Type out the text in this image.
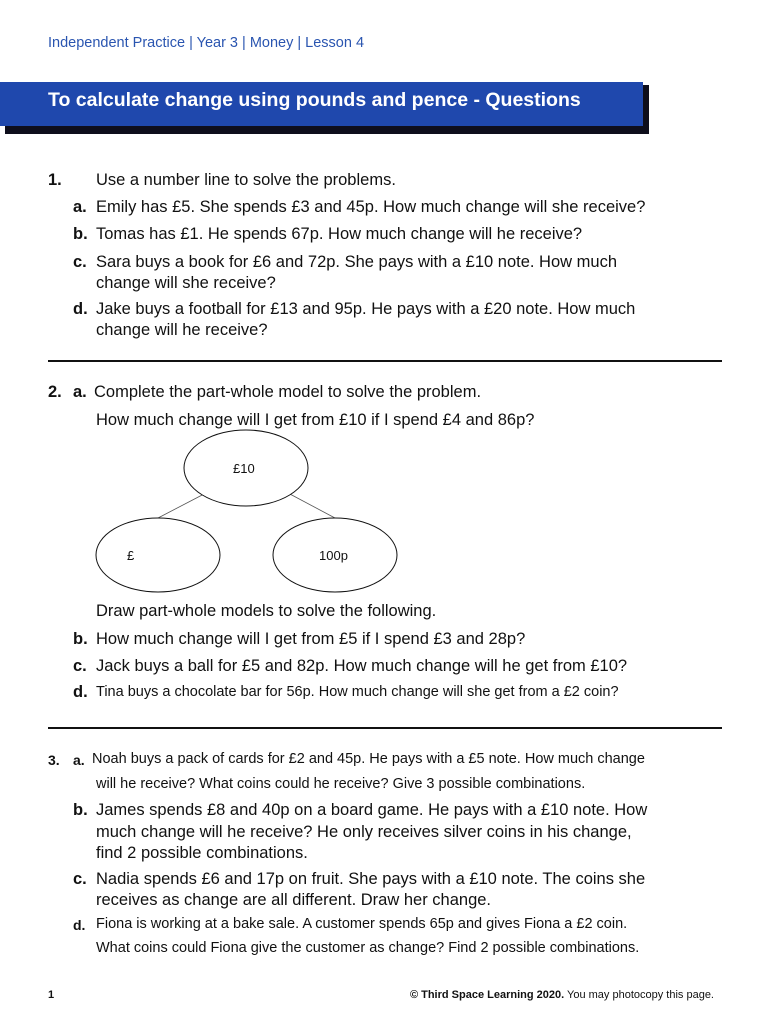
Independent Practice | Year 3 | Money | Lesson 4
To calculate change using pounds and pence - Questions
1. Use a number line to solve the problems.
a. Emily has £5. She spends £3 and 45p. How much change will she receive?
b. Tomas has £1. He spends 67p. How much change will he receive?
c. Sara buys a book for £6 and 72p. She pays with a £10 note. How much
change will she receive?
d. Jake buys a football for £13 and 95p. He pays with a £20 note. How much
change will he receive?
2. a. Complete the part-whole model to solve the problem.
How much change will I get from £10 if I spend £4 and 86p?
£10
£	100p
Draw part-whole models to solve the following.
b. How much change will I get from £5 if I spend £3 and 28p?
c. Jack buys a ball for £5 and 82p. How much change will he get from £10?
d. Tina buys a chocolate bar for 56p. How much change will she get from a £2 coin?
3. a. Noah buys a pack of cards for £2 and 45p. He pays with a £5 note. How much change
will he receive? What coins could he receive? Give 3 possible combinations.
b. James spends £8 and 40p on a board game. He pays with a £10 note. How
much change will he receive? He only receives silver coins in his change,
find 2 possible combinations.
c. Nadia spends £6 and 17p on fruit. She pays with a £10 note. The coins she
receives as change are all different. Draw her change.
d. Fiona is working at a bake sale. A customer spends 65p and gives Fiona a £2 coin.
What coins could Fiona give the customer as change? Find 2 possible combinations.
1	© Third Space Learning 2020. You may photocopy this page.
